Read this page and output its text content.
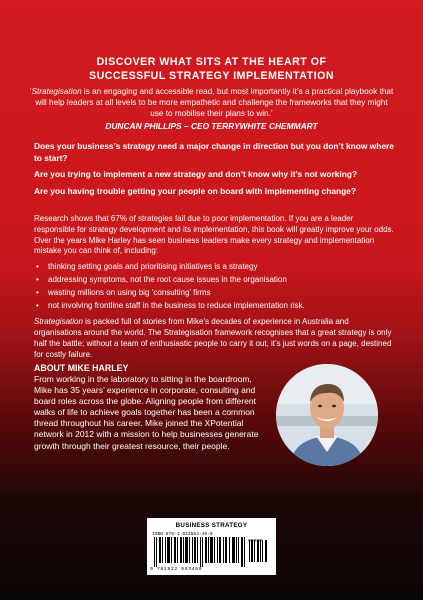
DISCOVER WHAT SITS AT THE HEART OF
SUCCESSFUL STRATEGY IMPLEMENTATION
‘Strategisation is an engaging and accessible read, but most importantly it’s a practical playbook that will help leaders at all levels to be more empathetic and challenge the frameworks that they might use to mobilise their plans to win.’
DUNCAN PHILLIPS – CEO TERRYWHITE CHEMMART

Does your business’s strategy need a major change in direction but you don’t know where to start?

Are you trying to implement a new strategy and don’t know why it’s not working?

Are you having trouble getting your people on board with implementing change?

Research shows that 67% of strategies fail due to poor implementation. If you are a leader responsible for strategy development and its implementation, this book will greatly improve your odds. Over the years Mike Harley has seen business leaders make every strategy and implementation mistake you can think of, including:

• thinking setting goals and prioritising initiatives is a strategy
• addressing symptoms, not the root cause issues in the organisation
• wasting millions on using big ‘consulting’ firms
• not involving frontline staff in the business to reduce implementation risk.

Strategisation is packed full of stories from Mike’s decades of experience in Australia and organisations around the world. The Strategisation framework recognises that a great strategy is only half the battle; without a team of enthusiastic people to carry it out, it’s just words on a page, destined for costly failure.

ABOUT MIKE HARLEY
From working in the laboratory to sitting in the boardroom, Mike has 35 years’ experience in corporate, consulting and board roles across the globe. Aligning people from different walks of life to achieve goals together has been a common thread throughout his career. Mike joined the XPotential network in 2012 with a mission to help businesses generate growth through their greatest resource, their people.
BUSINESS STRATEGY
ISBN 978-1-922553-46-9
9 781922 553469
